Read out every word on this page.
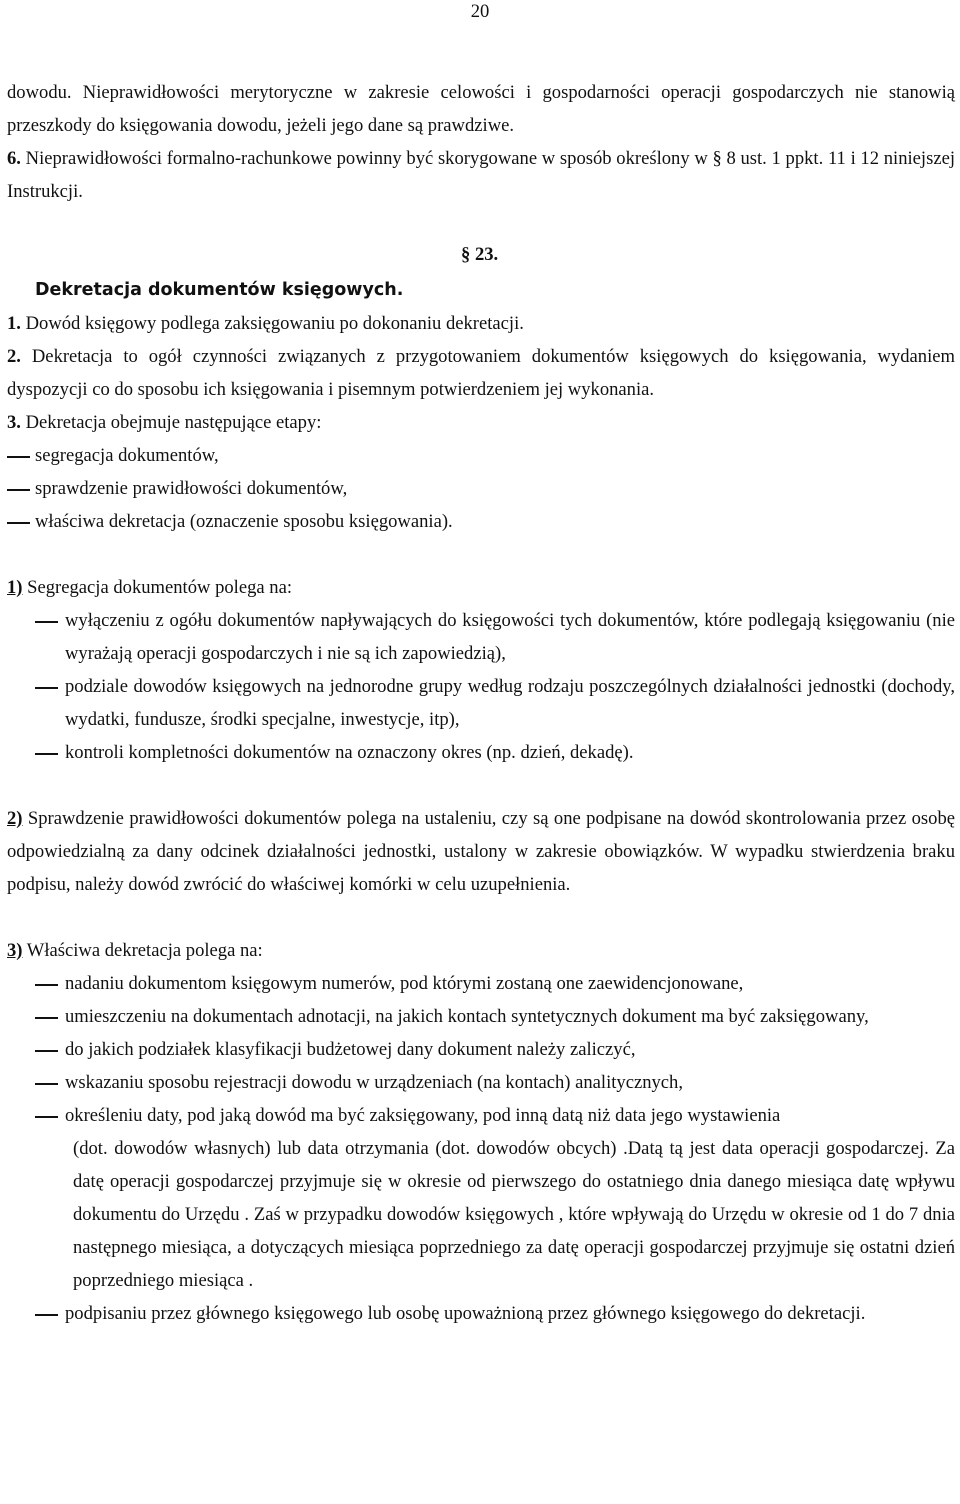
20
§ 23.

dowodu. Nieprawidłowości merytoryczne w zakresie celowości i gospodarności operacji gospodarczych nie stanowią przeszkody do księgowania dowodu, jeżeli jego dane są prawdziwe.

6. Nieprawidłowości formalno-rachunkowe powinny być skorygowane w sposób określony w § 8 ust. 1 ppkt. 11 i 12 niniejszej Instrukcji.

Dekretacja dokumentów księgowych.

1. Dowód księgowy podlega zaksięgowaniu po dokonaniu dekretacji.

2. Dekretacja to ogół czynności związanych z przygotowaniem dokumentów księgowych do księgowania, wydaniem dyspozycji co do sposobu ich księgowania i pisemnym potwierdzeniem jej wykonania.

3. Dekretacja obejmuje następujące etapy:

segregacja dokumentów,
sprawdzenie prawidłowości dokumentów,
właściwa dekretacja (oznaczenie sposobu księgowania).

1) Segregacja dokumentów polega na:

wyłączeniu z ogółu dokumentów napływających do księgowości tych dokumentów, które podlegają księgowaniu (nie wyrażają operacji gospodarczych i nie są ich zapowiedzią),
podziale dowodów księgowych na jednorodne grupy według rodzaju poszczególnych działalności jednostki (dochody, wydatki, fundusze, środki specjalne, inwestycje, itp),
kontroli kompletności dokumentów na oznaczony okres (np. dzień, dekadę).

2) Sprawdzenie prawidłowości dokumentów polega na ustaleniu, czy są one podpisane na dowód skontrolowania przez osobę odpowiedzialną za dany odcinek działalności jednostki, ustalony w zakresie obowiązków. W wypadku stwierdzenia braku podpisu, należy dowód zwrócić do właściwej komórki w celu uzupełnienia.

3) Właściwa dekretacja polega na:

nadaniu dokumentom księgowym numerów, pod którymi zostaną one zaewidencjonowane,
umieszczeniu na dokumentach adnotacji, na jakich kontach syntetycznych dokument ma być zaksięgowany,
do jakich podziałek klasyfikacji budżetowej dany dokument należy zaliczyć,
wskazaniu sposobu rejestracji dowodu w urządzeniach (na kontach) analitycznych,
określeniu daty, pod jaką dowód ma być zaksięgowany, pod inną datą niż data jego wystawienia
(dot. dowodów własnych) lub data otrzymania (dot. dowodów obcych) .Datą tą jest data operacji gospodarczej. Za datę operacji gospodarczej przyjmuje się w okresie od pierwszego do ostatniego dnia danego miesiąca datę wpływu dokumentu do Urzędu . Zaś w przypadku dowodów księgowych , które wpływają do Urzędu w okresie od 1 do 7 dnia następnego miesiąca, a dotyczących miesiąca poprzedniego za datę operacji gospodarczej przyjmuje się ostatni dzień poprzedniego miesiąca .
podpisaniu przez głównego księgowego lub osobę upoważnioną przez głównego księgowego do dekretacji.
